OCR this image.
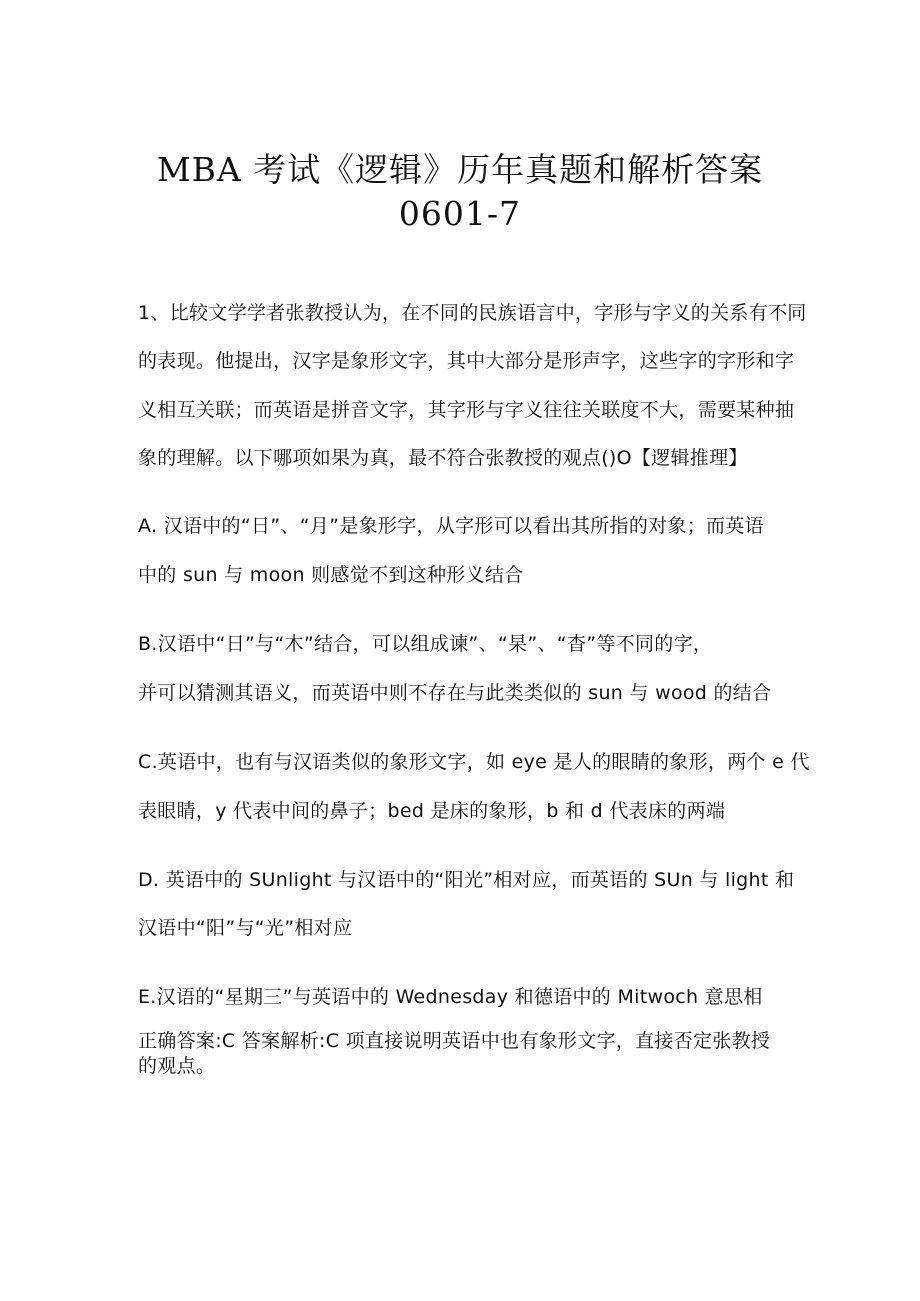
MBA 考试《逻辑》历年真题和解析答案
0601-7
1、比较文学学者张教授认为，在不同的民族语言中，字形与字义的关系有不同
的表现。他提出，汉字是象形文字，其中大部分是形声字，这些字的字形和字
义相互关联；而英语是拼音文字，其字形与字义往往关联度不大，需要某种抽
象的理解。以下哪项如果为真，最不符合张教授的观点()O【逻辑推理】
A. 汉语中的“日”、“月”是象形字，从字形可以看出其所指的对象；而英语
中的 sun 与 moon 则感觉不到这种形义结合
B.汉语中“日”与“木”结合，可以组成谏”、“杲”、“杳”等不同的字，
并可以猜测其语义，而英语中则不存在与此类类似的 sun 与 wood 的结合
C.英语中，也有与汉语类似的象形文字，如 eye 是人的眼睛的象形，两个 e 代
表眼睛，y 代表中间的鼻子；bed 是床的象形，b 和 d 代表床的两端
D. 英语中的 SUnlight 与汉语中的“阳光”相对应，而英语的 SUn 与 light 和
汉语中“阳”与“光”相对应
E.汉语的“星期三”与英语中的 Wednesday 和德语中的 Mitwoch 意思相
正确答案:C 答案解析:C 项直接说明英语中也有象形文字，直接否定张教授的观点。
